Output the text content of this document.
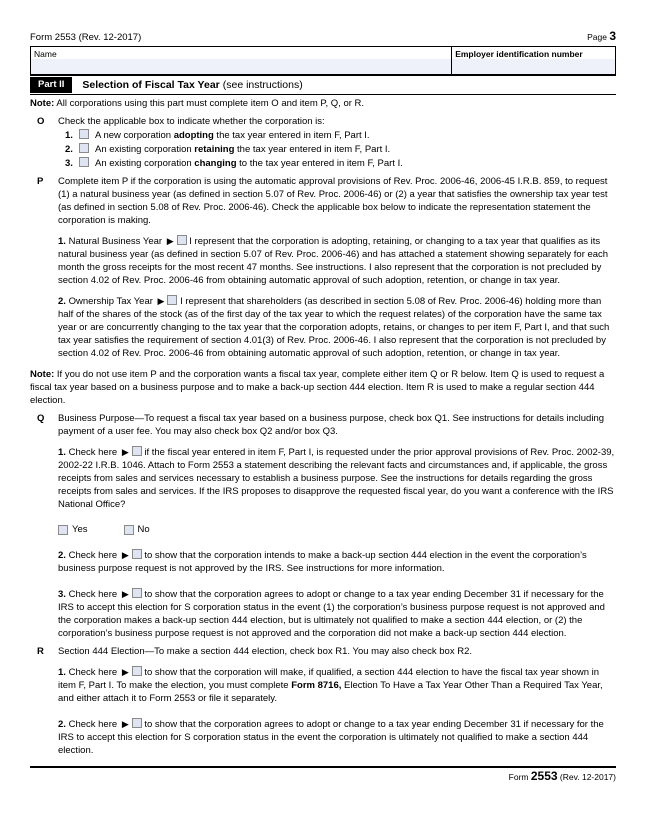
Form 2553 (Rev. 12-2017)	Page 3
Name	Employer identification number
Part II	Selection of Fiscal Tax Year (see instructions)

Note: All corporations using this part must complete item O and item P, Q, or R.

O	Check the applicable box to indicate whether the corporation is:
1.	A new corporation adopting the tax year entered in item F, Part I.
2.	An existing corporation retaining the tax year entered in item F, Part I.
3.	An existing corporation changing to the tax year entered in item F, Part I.
P	Complete item P if the corporation is using the automatic approval provisions of Rev. Proc. 2006-46, 2006-45 I.R.B. 859, to request (1) a natural business year (as defined in section 5.07 of Rev. Proc. 2006-46) or (2) a year that satisfies the ownership tax year test (as defined in section 5.08 of Rev. Proc. 2006-46). Check the applicable box below to indicate the representation statement the corporation is making.

1. Natural Business Year ▶ I represent that the corporation is adopting, retaining, or changing to a tax year that qualifies as its natural business year (as defined in section 5.07 of Rev. Proc. 2006-46) and has attached a statement showing separately for each month the gross receipts for the most recent 47 months. See instructions. I also represent that the corporation is not precluded by section 4.02 of Rev. Proc. 2006-46 from obtaining automatic approval of such adoption, retention, or change in tax year.

2. Ownership Tax Year ▶ I represent that shareholders (as described in section 5.08 of Rev. Proc. 2006-46) holding more than half of the shares of the stock (as of the first day of the tax year to which the request relates) of the corporation have the same tax year or are concurrently changing to the tax year that the corporation adopts, retains, or changes to per item F, Part I, and that such tax year satisfies the requirement of section 4.01(3) of Rev. Proc. 2006-46. I also represent that the corporation is not precluded by section 4.02 of Rev. Proc. 2006-46 from obtaining automatic approval of such adoption, retention, or change in tax year.

Note: If you do not use item P and the corporation wants a fiscal tax year, complete either item Q or R below. Item Q is used to request a fiscal tax year based on a business purpose and to make a back-up section 444 election. Item R is used to make a regular section 444 election.

Q	Business Purpose—To request a fiscal tax year based on a business purpose, check box Q1. See instructions for details including payment of a user fee. You may also check box Q2 and/or box Q3.

1. Check here ▶ if the fiscal year entered in item F, Part I, is requested under the prior approval provisions of Rev. Proc. 2002-39, 2002-22 I.R.B. 1046. Attach to Form 2553 a statement describing the relevant facts and circumstances and, if applicable, the gross receipts from sales and services necessary to establish a business purpose. See the instructions for details regarding the gross receipts from sales and services. If the IRS proposes to disapprove the requested fiscal year, do you want a conference with the IRS National Office?

Yes	No

2. Check here ▶ to show that the corporation intends to make a back-up section 444 election in the event the corporation’s business purpose request is not approved by the IRS. See instructions for more information.

3. Check here ▶ to show that the corporation agrees to adopt or change to a tax year ending December 31 if necessary for the IRS to accept this election for S corporation status in the event (1) the corporation’s business purpose request is not approved and the corporation makes a back-up section 444 election, but is ultimately not qualified to make a section 444 election, or (2) the corporation’s business purpose request is not approved and the corporation did not make a back-up section 444 election.

R	Section 444 Election—To make a section 444 election, check box R1. You may also check box R2.

1. Check here ▶ to show that the corporation will make, if qualified, a section 444 election to have the fiscal tax year shown in item F, Part I. To make the election, you must complete Form 8716, Election To Have a Tax Year Other Than a Required Tax Year, and either attach it to Form 2553 or file it separately.

2. Check here ▶ to show that the corporation agrees to adopt or change to a tax year ending December 31 if necessary for the IRS to accept this election for S corporation status in the event the corporation is ultimately not qualified to make a section 444 election.

Form 2553 (Rev. 12-2017)
